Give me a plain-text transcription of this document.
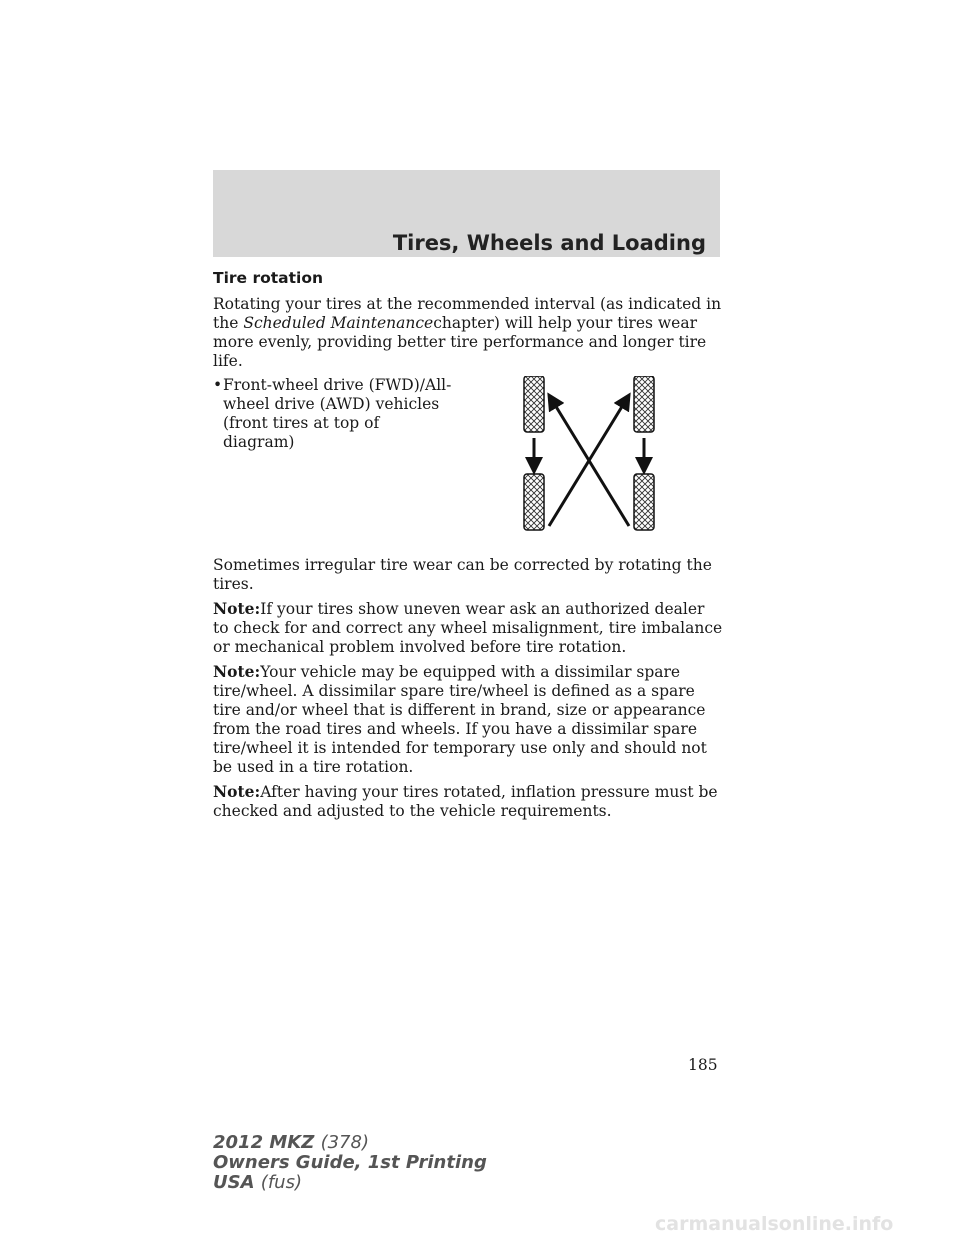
Tires, Wheels and Loading
Tire rotation

Rotating your tires at the recommended interval (as indicated in the Scheduled Maintenancechapter) will help your tires wear more evenly, providing better tire performance and longer tire life.

• Front-wheel drive (FWD)/All-wheel drive (AWD) vehicles (front tires at top of diagram)

Sometimes irregular tire wear can be corrected by rotating the tires.

Note:If your tires show uneven wear ask an authorized dealer to check for and correct any wheel misalignment, tire imbalance or mechanical problem involved before tire rotation.

Note:Your vehicle may be equipped with a dissimilar spare tire/wheel. A dissimilar spare tire/wheel is defined as a spare tire and/or wheel that is different in brand, size or appearance from the road tires and wheels. If you have a dissimilar spare tire/wheel it is intended for temporary use only and should not be used in a tire rotation.

Note:After having your tires rotated, inflation pressure must be checked and adjusted to the vehicle requirements.

185
2012 MKZ (378)
Owners Guide, 1st Printing
USA (fus)
carmanualsonline.info
